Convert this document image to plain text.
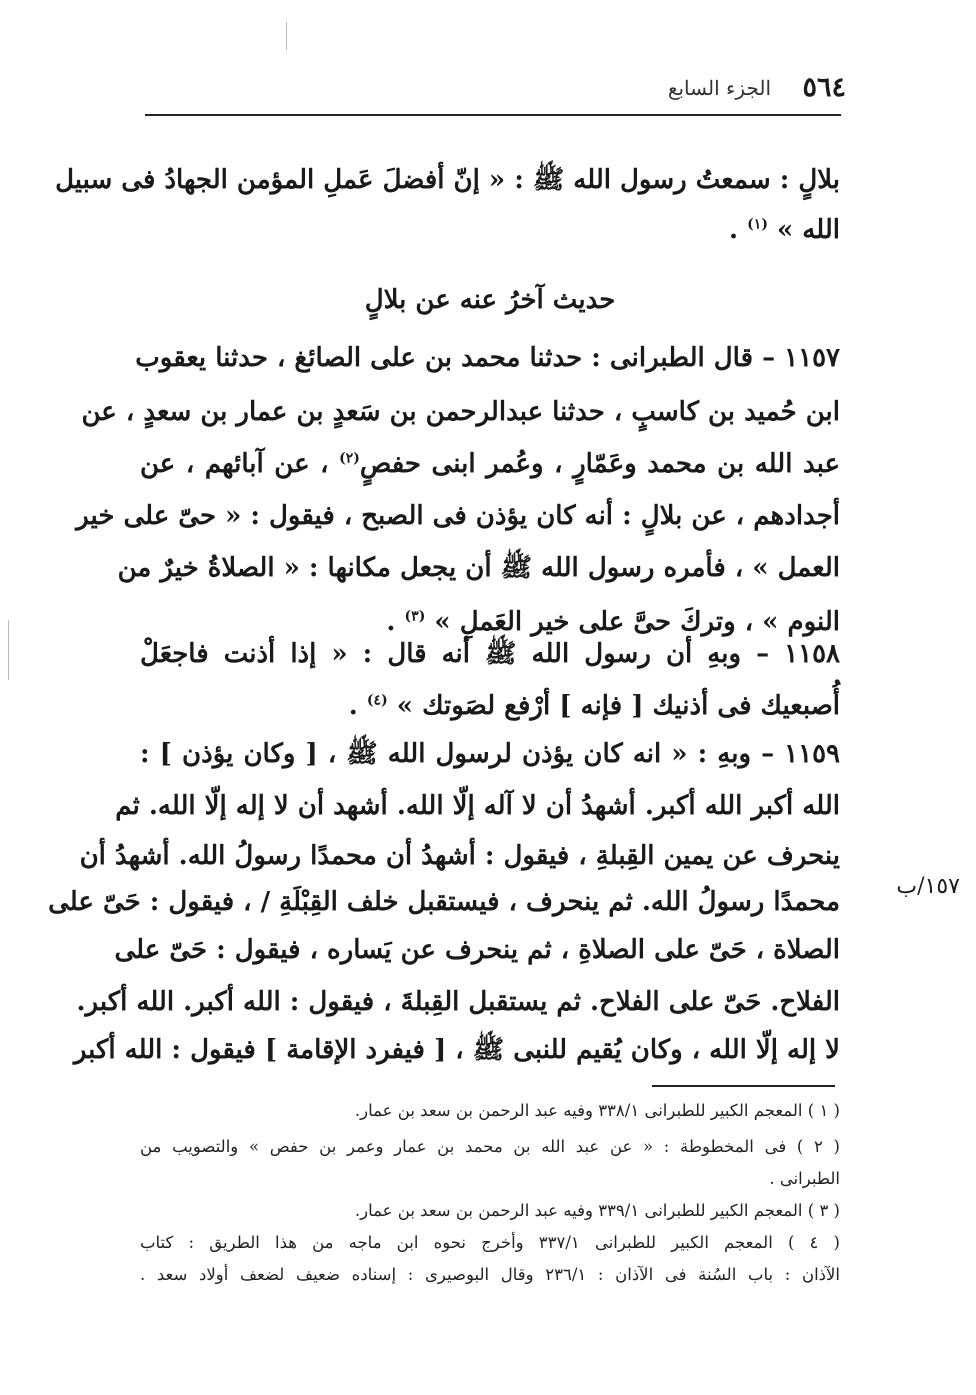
٥٦٤
الجزء السابع
بلالٍ : سمعتُ رسول الله ﷺ : « إنّ أفضلَ عَملِ المؤمن الجهادُ فى سبيل
الله » $^{(١)}$ .
حديث آخرُ عنه عن بلالٍ
١١٥٧ – قال الطبرانى : حدثنا محمد بن على الصائغ ، حدثنا يعقوب
ابن حُميد بن كاسبٍ ، حدثنا عبدالرحمن بن سَعدٍ بن عمار بن سعدٍ ، عن
عبد الله بن محمد وعَمّارٍ ، وعُمر ابنى حفصٍ$^{(٢)}$ ، عن آبائهم ، عن
أجدادهم ، عن بلالٍ : أنه كان يؤذن فى الصبح ، فيقول : « حىّ على خير
العمل » ، فأمره رسول الله ﷺ أن يجعل مكانها : « الصلاةُ خيرٌ من
النوم » ، وتركَ حىَّ على خير العَملِ » $^{(٣)}$ .
١١٥٨ – وبهِ أن رسول الله ﷺ أنه قال : « إذا أذنت فاجعَلْ
أُصبعيك فى أذنيك [ فإنه ] أرْفع لصَوتك » $^{(٤)}$ .
١١٥٩ – وبهِ : « انه كان يؤذن لرسول الله ﷺ ، [ وكان يؤذن ] :
الله أكبر الله أكبر. أشهدُ أن لا آله إلّا الله. أشهد أن لا إله إلّا الله. ثم
ينحرف عن يمين القِبلةِ ، فيقول : أشهدُ أن محمدًا رسولُ الله. أشهدُ أن
محمدًا رسولُ الله. ثم ينحرف ، فيستقبل خلف القِبْلَةِ / ، فيقول : حَىّ على
الصلاة ، حَىّ على الصلاةِ ، ثم ينحرف عن يَساره ، فيقول : حَىّ على
الفلاح. حَىّ على الفلاح. ثم يستقبل القِبلةَ ، فيقول : الله أكبر. الله أكبر.
لا إله إلّا الله ، وكان يُقيم للنبى ﷺ ، [ فيفرد الإقامة ] فيقول : الله أكبر
١٥٧/ب
( ١ ) المعجم الكبير للطبرانى ٣٣٨/١ وفيه عبد الرحمن بن سعد بن عمار.
( ٢ ) فى المخطوطة : « عن عبد الله بن محمد بن عمار وعمر بن حفص » والتصويب من
الطبرانى .
( ٣ ) المعجم الكبير للطبرانى ٣٣٩/١ وفيه عبد الرحمن بن سعد بن عمار.
( ٤ ) المعجم الكبير للطبرانى ٣٣٧/١ وأخرج نحوه ابن ماجه من هذا الطريق : كتاب
الآذان : باب السُنة فى الآذان : ٢٣٦/١ وقال البوصيرى : إسناده ضعيف لضعف أولاد سعد .
